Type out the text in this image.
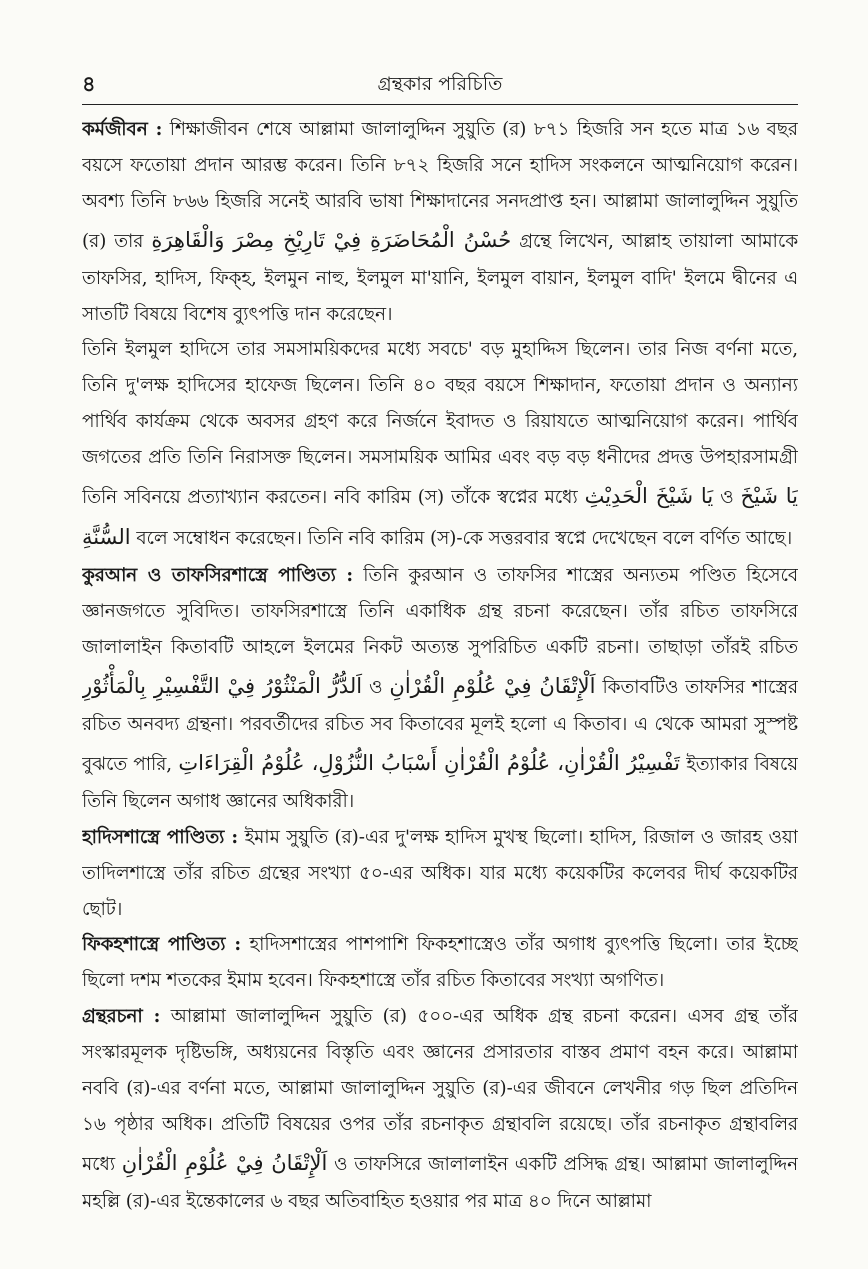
৪	গ্রন্থকার পরিচিতি

কর্মজীবন : শিক্ষাজীবন শেষে আল্লামা জালালুদ্দিন সুয়ুতি (র) ৮৭১ হিজরি সন হতে মাত্র ১৬ বছর বয়সে ফতোয়া প্রদান আরম্ভ করেন। তিনি ৮৭২ হিজরি সনে হাদিস সংকলনে আত্মনিয়োগ করেন। অবশ্য তিনি ৮৬৬ হিজরি সনেই আরবি ভাষা শিক্ষাদানের সনদপ্রাপ্ত হন। আল্লামা জালালুদ্দিন সুয়ুতি (র) তার حُسْنُ الْمُحَاضَرَةِ فِيْ تَارِيْخِ مِصْرَ وَالْقَاهِرَةِ গ্রন্থে লিখেন, আল্লাহ তায়ালা আমাকে তাফসির, হাদিস, ফিক্হ, ইলমুন নাহু, ইলমুল মা'য়ানি, ইলমুল বায়ান, ইলমুল বাদি' ইলমে দ্বীনের এ সাতটি বিষয়ে বিশেষ ব্যুৎপত্তি দান করেছেন।

তিনি ইলমুল হাদিসে তার সমসাময়িকদের মধ্যে সবচে' বড় মুহাদ্দিস ছিলেন। তার নিজ বর্ণনা মতে, তিনি দু'লক্ষ হাদিসের হাফেজ ছিলেন। তিনি ৪০ বছর বয়সে শিক্ষাদান, ফতোয়া প্রদান ও অন্যান্য পার্থিব কার্যক্রম থেকে অবসর গ্রহণ করে নির্জনে ইবাদত ও রিয়াযতে আত্মনিয়োগ করেন। পার্থিব জগতের প্রতি তিনি নিরাসক্ত ছিলেন। সমসাময়িক আমির এবং বড় বড় ধনীদের প্রদত্ত উপহারসামগ্রী তিনি সবিনয়ে প্রত্যাখ্যান করতেন। নবি কারিম (স) তাঁকে স্বপ্নের মধ্যে يَا شَيْخَ الْحَدِيْثِ ও يَا شَيْخَ السُّنَّةِ বলে সম্বোধন করেছেন। তিনি নবি কারিম (স)-কে সত্তরবার স্বপ্নে দেখেছেন বলে বর্ণিত আছে।

কুরআন ও তাফসিরশাস্ত্রে পাণ্ডিত্য : তিনি কুরআন ও তাফসির শাস্ত্রের অন্যতম পণ্ডিত হিসেবে জ্ঞানজগতে সুবিদিত। তাফসিরশাস্ত্রে তিনি একাধিক গ্রন্থ রচনা করেছেন। তাঁর রচিত তাফসিরে জালালাইন কিতাবটি আহলে ইলমের নিকট অত্যন্ত সুপরিচিত একটি রচনা। তাছাড়া তাঁরই রচিত اَلدُّرُّ الْمَنْثُوْرُ فِيْ التَّفْسِيْرِ بِالْمَأْثُوْرِ ও اَلْإِتْقَانُ فِيْ عُلُوْمِ الْقُرْاٰنِ কিতাবটিও তাফসির শাস্ত্রের রচিত অনবদ্য গ্রন্থনা। পরবর্তীদের রচিত সব কিতাবের মূলই হলো এ কিতাব। এ থেকে আমরা সুস্পষ্ট বুঝতে পারি, تَفْسِيْرُ الْقُرْاٰنِ، عُلُوْمُ الْقُرْاٰنِ أَسْبَابُ النُّزُوْلِ، عُلُوْمُ الْقِرَاءَاتِ ইত্যাকার বিষয়ে তিনি ছিলেন অগাধ জ্ঞানের অধিকারী।

হাদিসশাস্ত্রে পাণ্ডিত্য : ইমাম সুয়ুতি (র)-এর দু'লক্ষ হাদিস মুখস্থ ছিলো। হাদিস, রিজাল ও জারহ ওয়া তাদিলশাস্ত্রে তাঁর রচিত গ্রন্থের সংখ্যা ৫০-এর অধিক। যার মধ্যে কয়েকটির কলেবর দীর্ঘ কয়েকটির ছোট।

ফিকহশাস্ত্রে পাণ্ডিত্য : হাদিসশাস্ত্রের পাশপাশি ফিকহশাস্ত্রেও তাঁর অগাধ ব্যুৎপত্তি ছিলো। তার ইচ্ছে ছিলো দশম শতকের ইমাম হবেন। ফিকহশাস্ত্রে তাঁর রচিত কিতাবের সংখ্যা অগণিত।

গ্রন্থরচনা : আল্লামা জালালুদ্দিন সুয়ুতি (র) ৫০০-এর অধিক গ্রন্থ রচনা করেন। এসব গ্রন্থ তাঁর সংস্কারমূলক দৃষ্টিভঙ্গি, অধ্যয়নের বিস্তৃতি এবং জ্ঞানের প্রসারতার বাস্তব প্রমাণ বহন করে। আল্লামা নববি (র)-এর বর্ণনা মতে, আল্লামা জালালুদ্দিন সুয়ুতি (র)-এর জীবনে লেখনীর গড় ছিল প্রতিদিন ১৬ পৃষ্ঠার অধিক। প্রতিটি বিষয়ের ওপর তাঁর রচনাকৃত গ্রন্থাবলি রয়েছে। তাঁর রচনাকৃত গ্রন্থাবলির মধ্যে اَلْإِتْقَانُ فِيْ عُلُوْمِ الْقُرْاٰنِ ও তাফসিরে জালালাইন একটি প্রসিদ্ধ গ্রন্থ। আল্লামা জালালুদ্দিন মহল্লি (র)-এর ইন্তেকালের ৬ বছর অতিবাহিত হওয়ার পর মাত্র ৪০ দিনে আল্লামা
